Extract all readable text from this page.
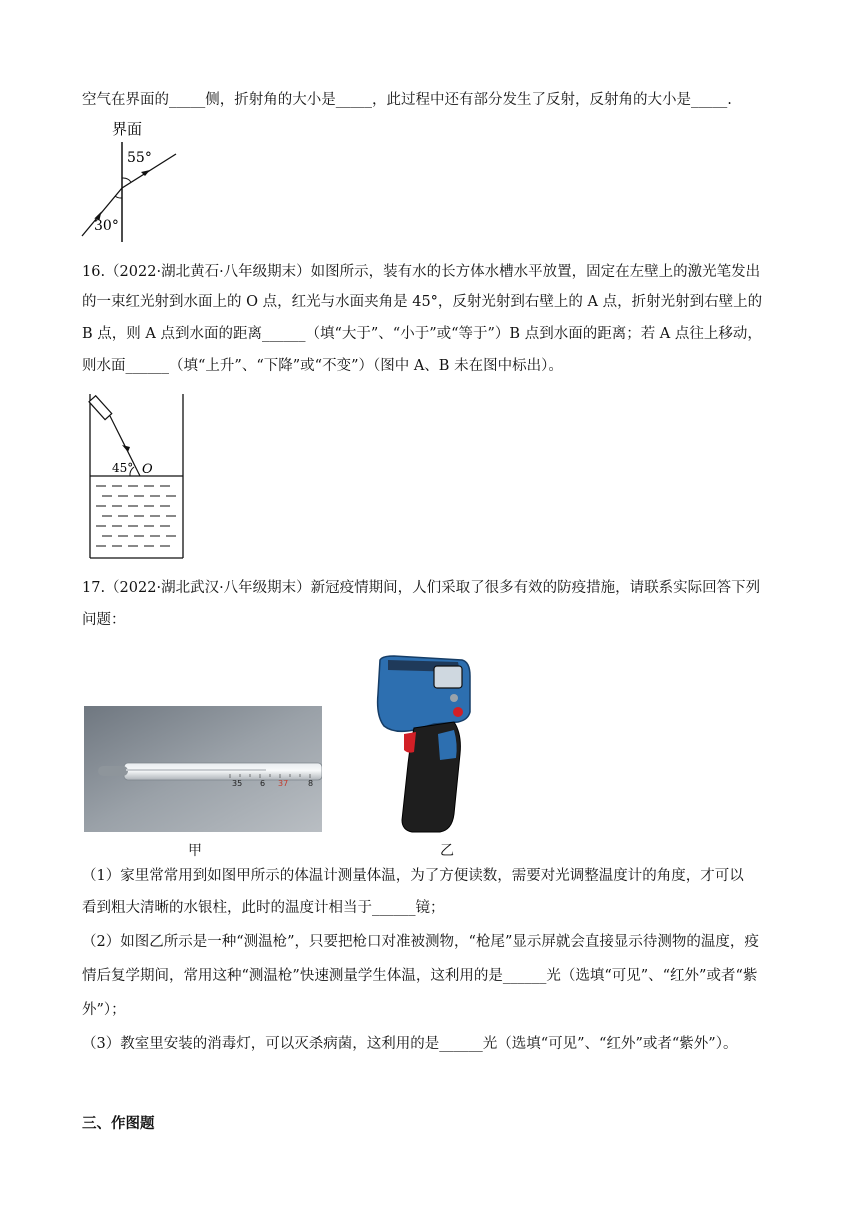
空气在界面的_____侧，折射角的大小是_____，此过程中还有部分发生了反射，反射角的大小是_____.
界面
55°
30°
16.（2022·湖北黄石·八年级期末）如图所示，装有水的长方体水槽水平放置，固定在左壁上的激光笔发出
的一束红光射到水面上的 O 点，红光与水面夹角是 45°，反射光射到右壁上的 A 点，折射光射到右壁上的
B 点，则 A 点到水面的距离______（填“大于”、“小于”或“等于”）B 点到水面的距离；若 A 点往上移动，
则水面______（填“上升”、“下降”或“不变”）（图中 A、B 未在图中标出）。
45° O
17.（2022·湖北武汉·八年级期末）新冠疫情期间，人们采取了很多有效的防疫措施，请联系实际回答下列
问题：
35 6 37 8
甲	乙
（1）家里常常用到如图甲所示的体温计测量体温，为了方便读数，需要对光调整温度计的角度，才可以
看到粗大清晰的水银柱，此时的温度计相当于______镜；
（2）如图乙所示是一种“测温枪”，只要把枪口对准被测物，“枪尾”显示屏就会直接显示待测物的温度，疫
情后复学期间，常用这种“测温枪”快速测量学生体温，这利用的是______光（选填“可见”、“红外”或者“紫
外”）；
（3）教室里安装的消毒灯，可以灭杀病菌，这利用的是______光（选填“可见”、“红外”或者“紫外”）。
三、作图题
